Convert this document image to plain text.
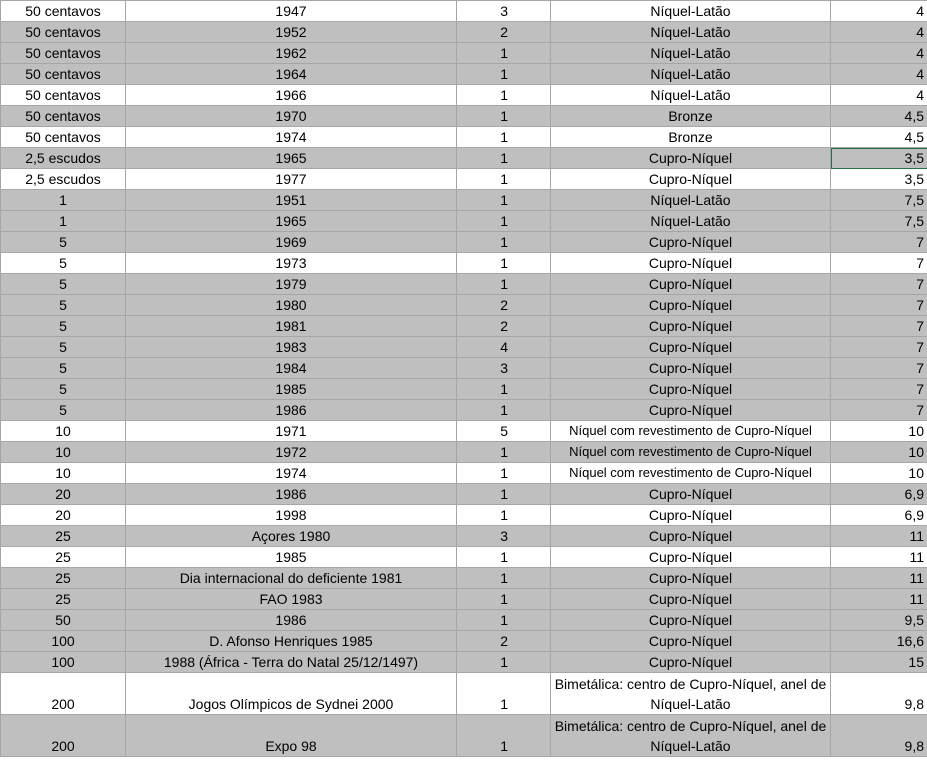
50 centavos	1947	3	Níquel-Latão	4
50 centavos	1952	2	Níquel-Latão	4
50 centavos	1962	1	Níquel-Latão	4
50 centavos	1964	1	Níquel-Latão	4
50 centavos	1966	1	Níquel-Latão	4
50 centavos	1970	1	Bronze	4,5
50 centavos	1974	1	Bronze	4,5
2,5 escudos	1965	1	Cupro-Níquel	3,5
2,5 escudos	1977	1	Cupro-Níquel	3,5
1	1951	1	Níquel-Latão	7,5
1	1965	1	Níquel-Latão	7,5
5	1969	1	Cupro-Níquel	7
5	1973	1	Cupro-Níquel	7
5	1979	1	Cupro-Níquel	7
5	1980	2	Cupro-Níquel	7
5	1981	2	Cupro-Níquel	7
5	1983	4	Cupro-Níquel	7
5	1984	3	Cupro-Níquel	7
5	1985	1	Cupro-Níquel	7
5	1986	1	Cupro-Níquel	7
10	1971	5	Níquel com revestimento de Cupro-Níquel	10
10	1972	1	Níquel com revestimento de Cupro-Níquel	10
10	1974	1	Níquel com revestimento de Cupro-Níquel	10
20	1986	1	Cupro-Níquel	6,9
20	1998	1	Cupro-Níquel	6,9
25	Açores 1980	3	Cupro-Níquel	11
25	1985	1	Cupro-Níquel	11
25	Dia internacional do deficiente 1981	1	Cupro-Níquel	11
25	FAO 1983	1	Cupro-Níquel	11
50	1986	1	Cupro-Níquel	9,5
100	D. Afonso Henriques 1985	2	Cupro-Níquel	16,6
100	1988 (África - Terra do Natal 25/12/1497)	1	Cupro-Níquel	15
200	Jogos Olímpicos de Sydnei 2000	1	Bimetálica: centro de Cupro-Níquel, anel de Níquel-Latão	9,8
200	Expo 98	1	Bimetálica: centro de Cupro-Níquel, anel de Níquel-Latão	9,8
